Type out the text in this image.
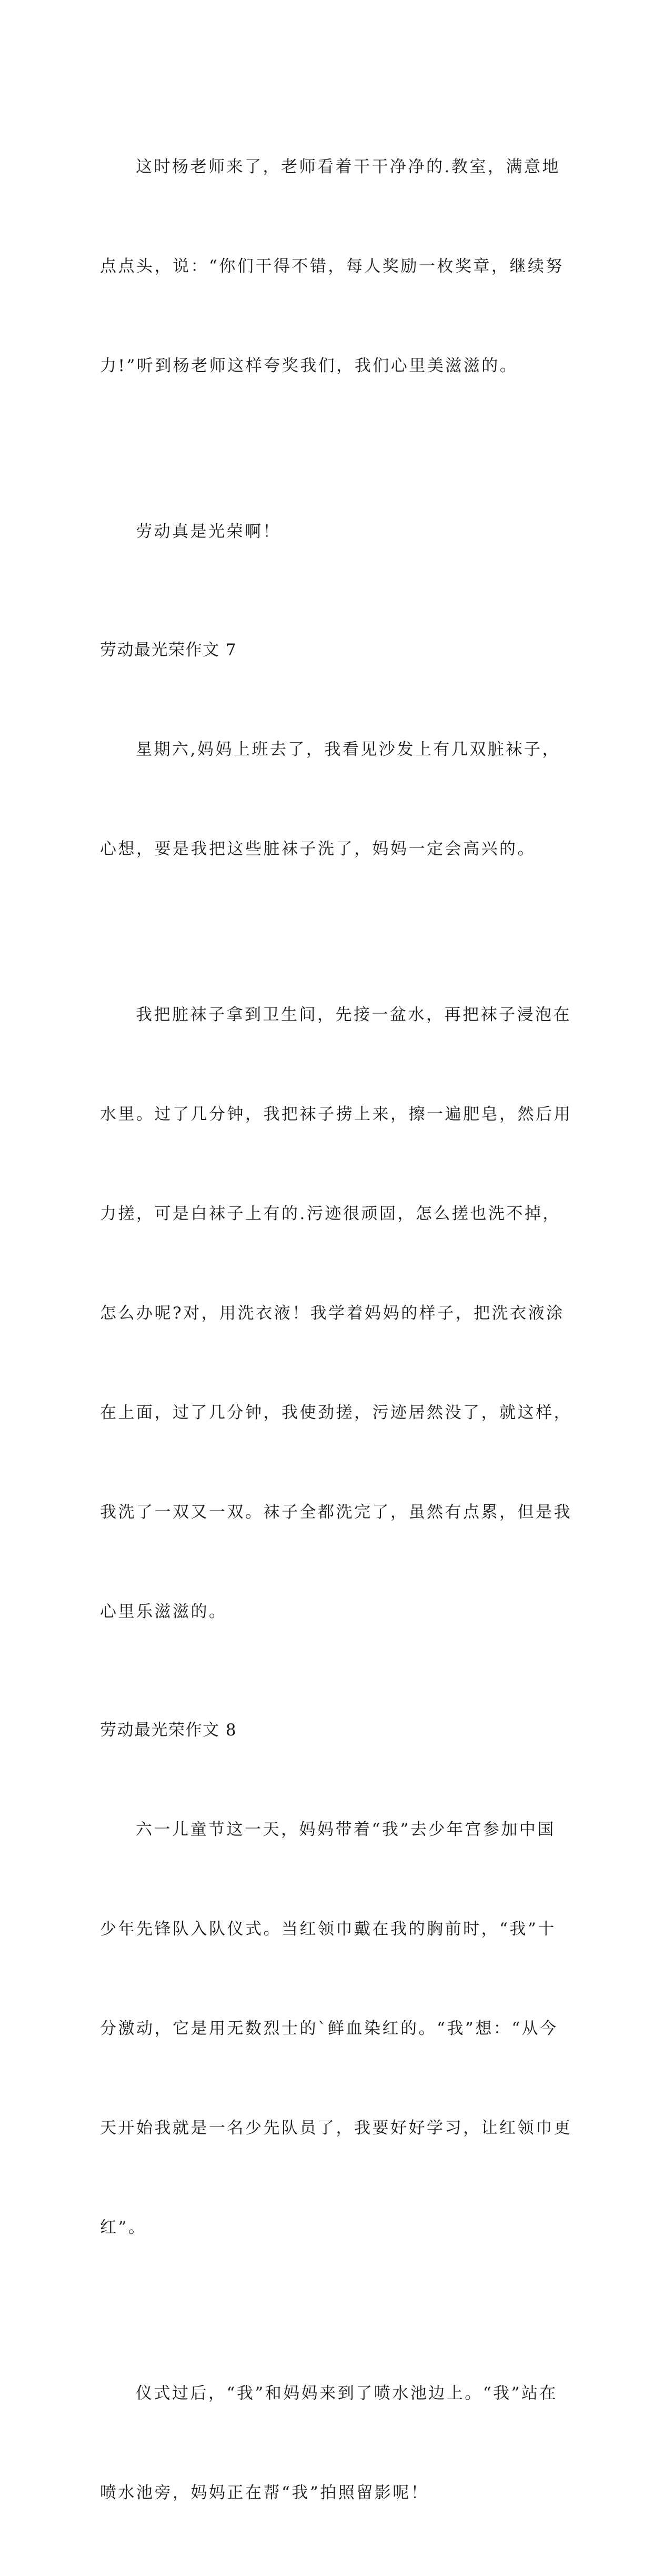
这时杨老师来了，老师看着干干净净的.教室，满意地

点点头，说：“你们干得不错，每人奖励一枚奖章，继续努

力!”听到杨老师这样夸奖我们，我们心里美滋滋的。

劳动真是光荣啊！

劳动最光荣作文 7

星期六,妈妈上班去了，我看见沙发上有几双脏袜子，

心想，要是我把这些脏袜子洗了，妈妈一定会高兴的。

我把脏袜子拿到卫生间，先接一盆水，再把袜子浸泡在

水里。过了几分钟，我把袜子捞上来，擦一遍肥皂，然后用

力搓，可是白袜子上有的.污迹很顽固，怎么搓也洗不掉，

怎么办呢?对，用洗衣液！我学着妈妈的样子，把洗衣液涂

在上面，过了几分钟，我使劲搓，污迹居然没了，就这样，

我洗了一双又一双。袜子全都洗完了，虽然有点累，但是我

心里乐滋滋的。

劳动最光荣作文 8

六一儿童节这一天，妈妈带着“我”去少年宫参加中国

少年先锋队入队仪式。当红领巾戴在我的胸前时，“我”十

分激动，它是用无数烈士的`鲜血染红的。“我”想：“从今

天开始我就是一名少先队员了，我要好好学习，让红领巾更

红”。

仪式过后，“我”和妈妈来到了喷水池边上。“我”站在

喷水池旁，妈妈正在帮“我”拍照留影呢！
